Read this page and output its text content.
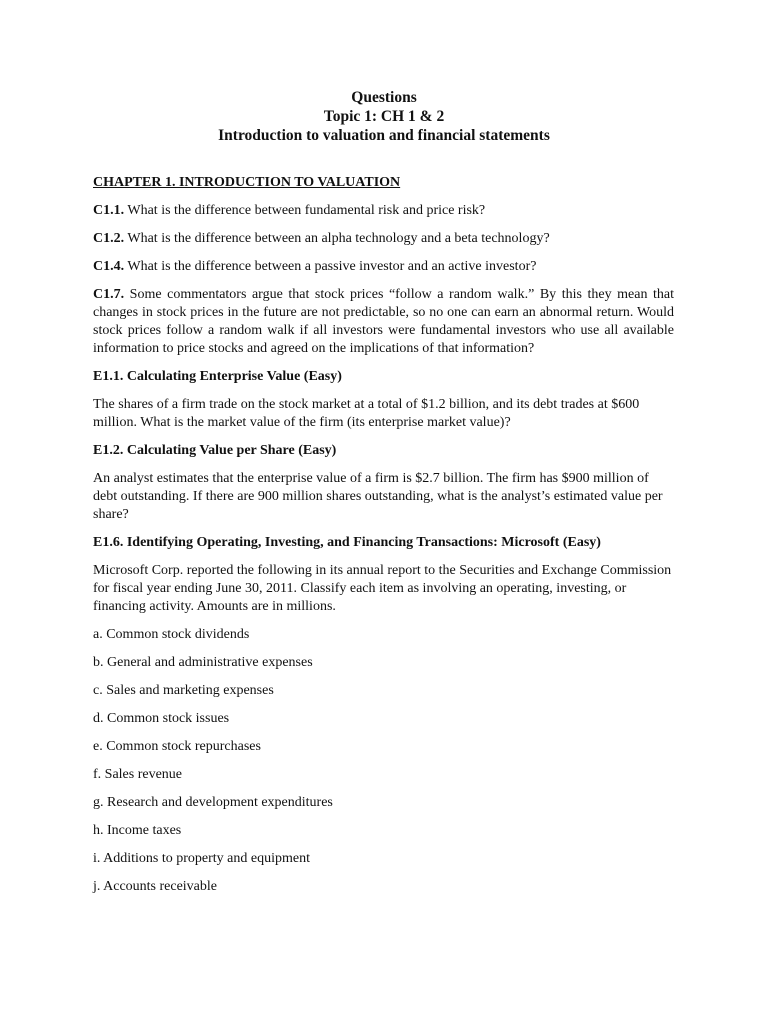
Questions
Topic 1: CH 1 & 2
Introduction to valuation and financial statements
CHAPTER 1. INTRODUCTION TO VALUATION
C1.1. What is the difference between fundamental risk and price risk?
C1.2. What is the difference between an alpha technology and a beta technology?
C1.4. What is the difference between a passive investor and an active investor?
C1.7. Some commentators argue that stock prices “follow a random walk.” By this they mean that changes in stock prices in the future are not predictable, so no one can earn an abnormal return. Would stock prices follow a random walk if all investors were fundamental investors who use all available information to price stocks and agreed on the implications of that information?
E1.1. Calculating Enterprise Value (Easy)
The shares of a firm trade on the stock market at a total of $1.2 billion, and its debt trades at $600 million. What is the market value of the firm (its enterprise market value)?
E1.2. Calculating Value per Share (Easy)
An analyst estimates that the enterprise value of a firm is $2.7 billion. The firm has $900 million of debt outstanding. If there are 900 million shares outstanding, what is the analyst’s estimated value per share?
E1.6. Identifying Operating, Investing, and Financing Transactions: Microsoft (Easy)
Microsoft Corp. reported the following in its annual report to the Securities and Exchange Commission for fiscal year ending June 30, 2011. Classify each item as involving an operating, investing, or financing activity. Amounts are in millions.
a. Common stock dividends
b. General and administrative expenses
c. Sales and marketing expenses
d. Common stock issues
e. Common stock repurchases
f. Sales revenue
g. Research and development expenditures
h. Income taxes
i. Additions to property and equipment
j. Accounts receivable
